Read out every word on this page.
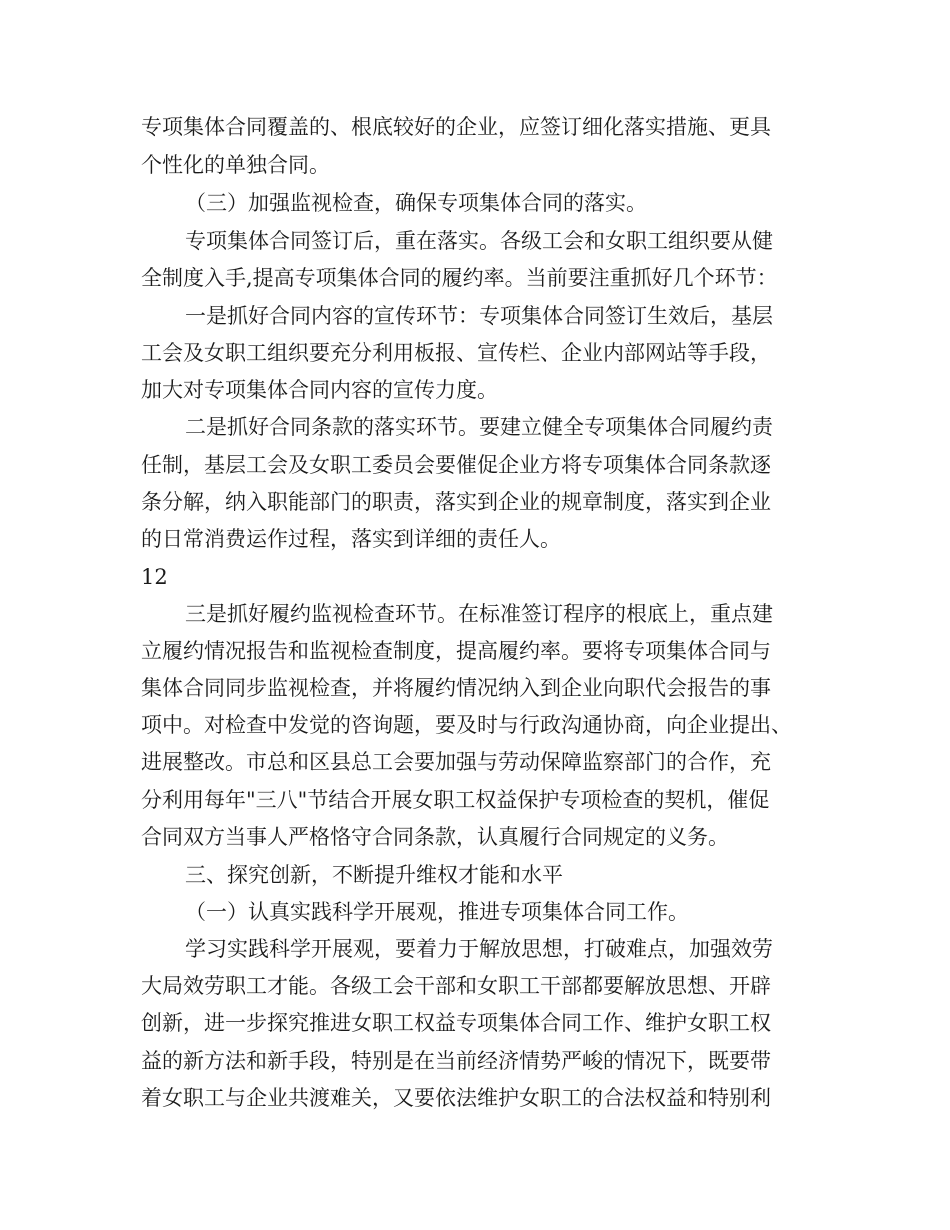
专项集体合同覆盖的、根底较好的企业，应签订细化落实措施、更具
个性化的单独合同。
（三）加强监视检查，确保专项集体合同的落实。
专项集体合同签订后，重在落实。各级工会和女职工组织要从健
全制度入手,提高专项集体合同的履约率。当前要注重抓好几个环节：
一是抓好合同内容的宣传环节：专项集体合同签订生效后，基层
工会及女职工组织要充分利用板报、宣传栏、企业内部网站等手段，
加大对专项集体合同内容的宣传力度。
二是抓好合同条款的落实环节。要建立健全专项集体合同履约责
任制，基层工会及女职工委员会要催促企业方将专项集体合同条款逐
条分解，纳入职能部门的职责，落实到企业的规章制度，落实到企业
的日常消费运作过程，落实到详细的责任人。
12
三是抓好履约监视检查环节。在标准签订程序的根底上，重点建
立履约情况报告和监视检查制度，提高履约率。要将专项集体合同与
集体合同同步监视检查，并将履约情况纳入到企业向职代会报告的事
项中。对检查中发觉的咨询题，要及时与行政沟通协商，向企业提出、
进展整改。市总和区县总工会要加强与劳动保障监察部门的合作，充
分利用每年"三八"节结合开展女职工权益保护专项检查的契机，催促
合同双方当事人严格恪守合同条款，认真履行合同规定的义务。
三、探究创新，不断提升维权才能和水平
（一）认真实践科学开展观，推进专项集体合同工作。
学习实践科学开展观，要着力于解放思想，打破难点，加强效劳
大局效劳职工才能。各级工会干部和女职工干部都要解放思想、开辟
创新，进一步探究推进女职工权益专项集体合同工作、维护女职工权
益的新方法和新手段，特别是在当前经济情势严峻的情况下，既要带
着女职工与企业共渡难关，又要依法维护女职工的合法权益和特别利
